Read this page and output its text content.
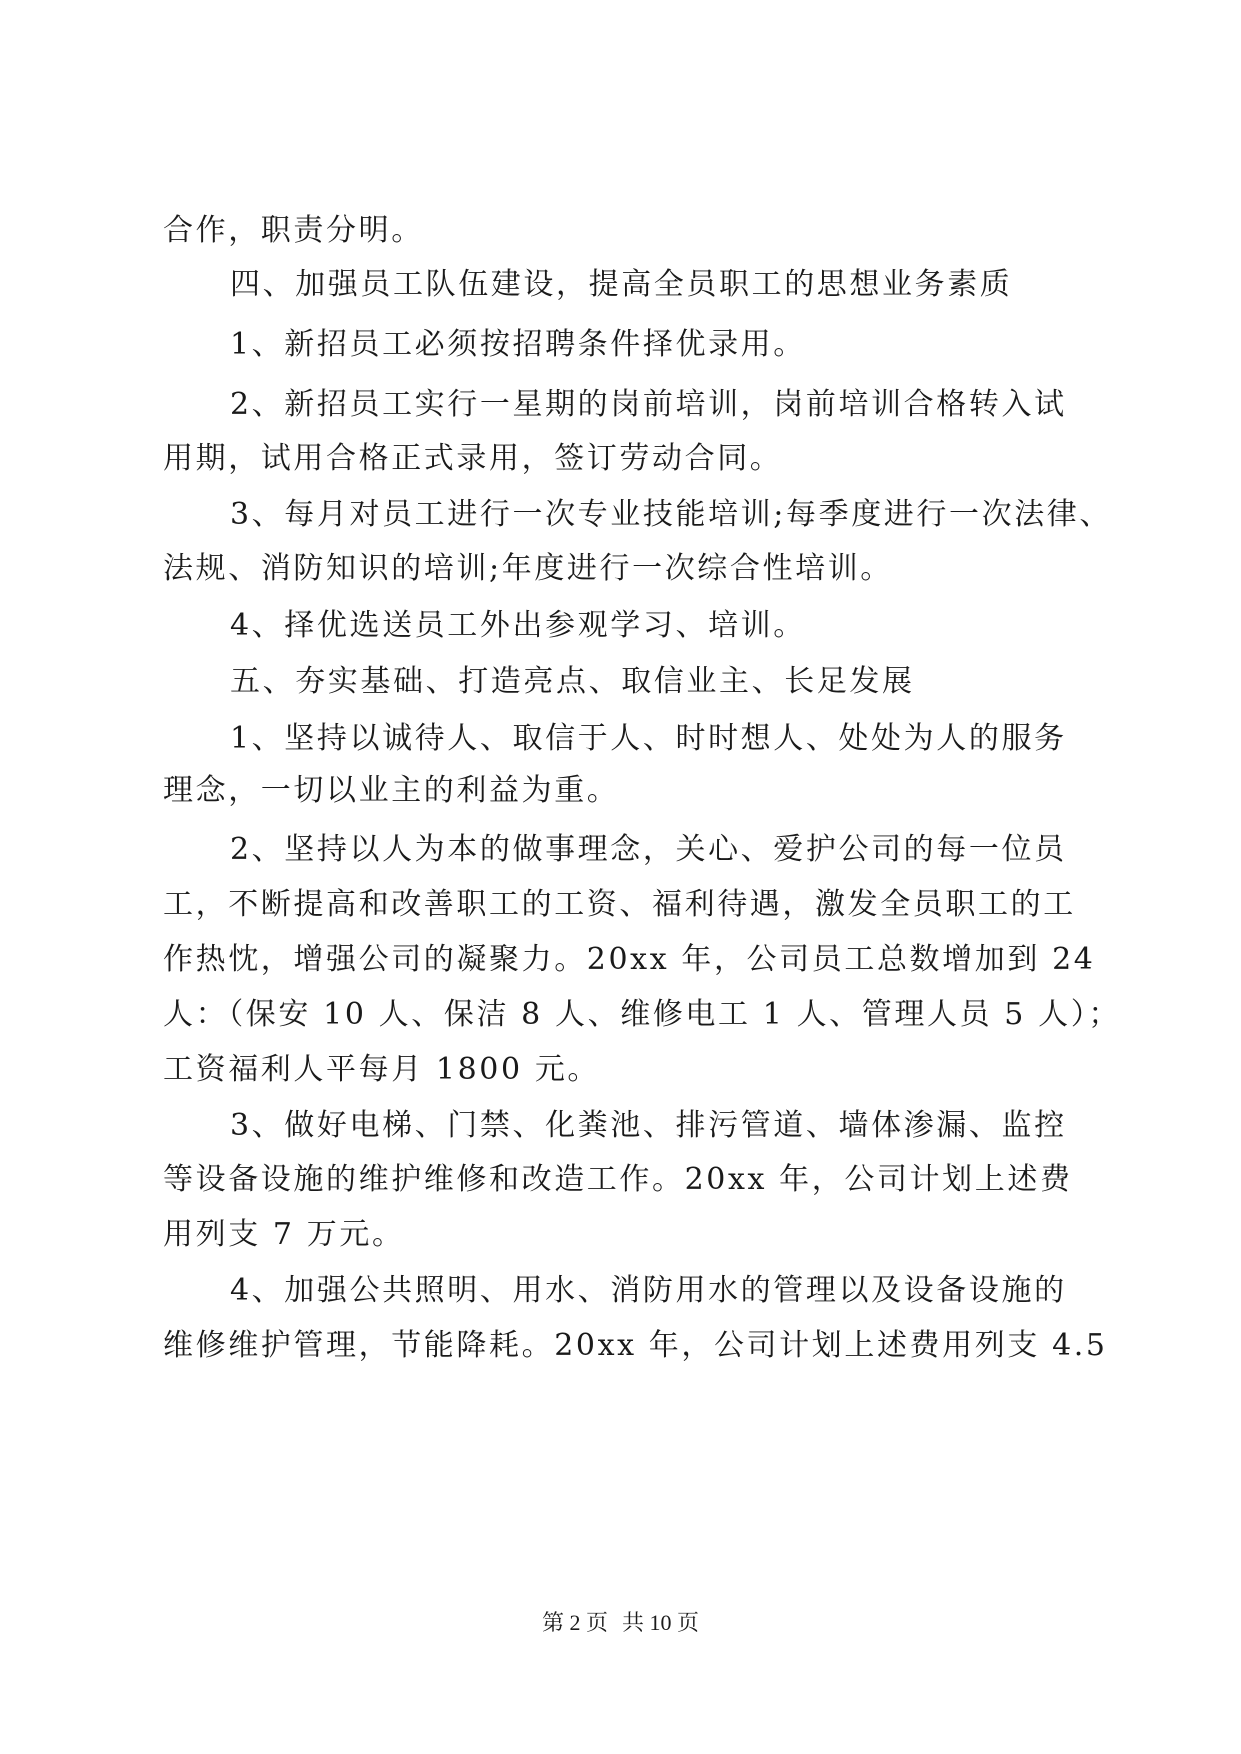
合作，职责分明。
四、加强员工队伍建设，提高全员职工的思想业务素质
1、新招员工必须按招聘条件择优录用。
2、新招员工实行一星期的岗前培训，岗前培训合格转入试
用期，试用合格正式录用，签订劳动合同。
3、每月对员工进行一次专业技能培训;每季度进行一次法律、
法规、消防知识的培训;年度进行一次综合性培训。
4、择优选送员工外出参观学习、培训。
五、夯实基础、打造亮点、取信业主、长足发展
1、坚持以诚待人、取信于人、时时想人、处处为人的服务
理念，一切以业主的利益为重。
2、坚持以人为本的做事理念，关心、爱护公司的每一位员
工，不断提高和改善职工的工资、福利待遇，激发全员职工的工
作热忱，增强公司的凝聚力。20xx 年，公司员工总数增加到 24
人：（保安 10 人、保洁 8 人、维修电工 1 人、管理人员 5 人）；
工资福利人平每月 1800 元。
3、做好电梯、门禁、化粪池、排污管道、墙体渗漏、监控
等设备设施的维护维修和改造工作。20xx 年，公司计划上述费
用列支 7 万元。
4、加强公共照明、用水、消防用水的管理以及设备设施的
维修维护管理，节能降耗。20xx 年，公司计划上述费用列支 4.5
第 2 页 共 10 页
